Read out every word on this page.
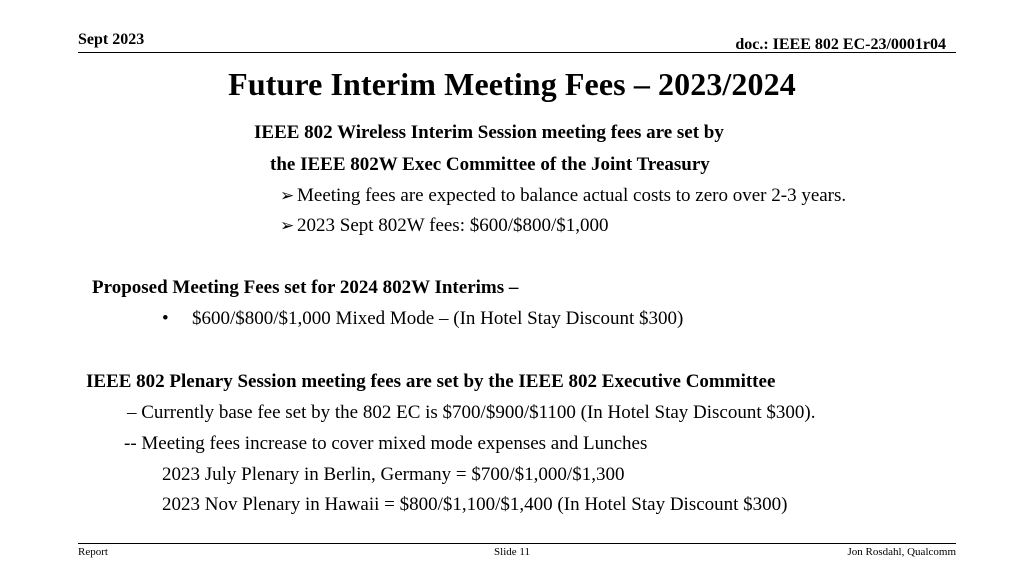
Sept 2023	doc.: IEEE 802 EC-23/0001r04
Future Interim Meeting Fees – 2023/2024
IEEE 802 Wireless Interim Session meeting fees are set by
the IEEE 802W Exec Committee of the Joint Treasury
➢ Meeting fees are expected to balance actual costs to zero over 2-3 years.
➢ 2023 Sept 802W fees: $600/$800/$1,000
Proposed Meeting Fees set for 2024 802W Interims –
• $600/$800/$1,000 Mixed Mode – (In Hotel Stay Discount $300)
IEEE 802 Plenary Session meeting fees are set by the IEEE 802 Executive Committee
– Currently base fee set by the 802 EC is $700/$900/$1100 (In Hotel Stay Discount $300).
-- Meeting fees increase to cover mixed mode expenses and Lunches
2023 July Plenary in Berlin, Germany = $700/$1,000/$1,300
2023 Nov Plenary in Hawaii = $800/$1,100/$1,400 (In Hotel Stay Discount $300)
Report	Slide 11	Jon Rosdahl, Qualcomm
